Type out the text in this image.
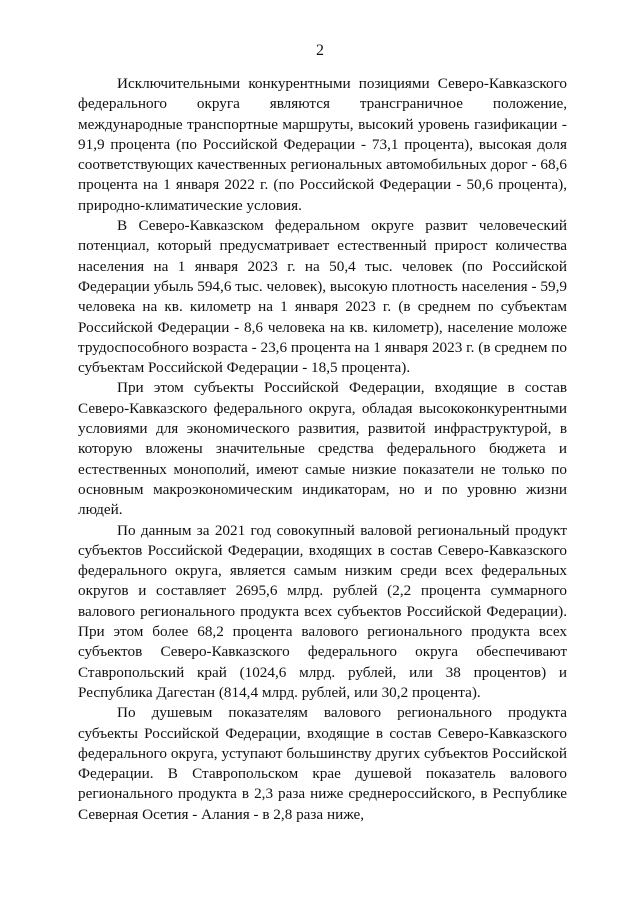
2

Исключительными конкурентными позициями Северо-Кавказского федерального округа являются трансграничное положение, международные транспортные маршруты, высокий уровень газификации - 91,9 процента (по Российской Федерации - 73,1 процента), высокая доля соответствующих качественных региональных автомобильных дорог - 68,6 процента на 1 января 2022 г. (по Российской Федерации - 50,6 процента), природно-климатические условия.

В Северо-Кавказском федеральном округе развит человеческий потенциал, который предусматривает естественный прирост количества населения на 1 января 2023 г. на 50,4 тыс. человек (по Российской Федерации убыль 594,6 тыс. человек), высокую плотность населения - 59,9 человека на кв. километр на 1 января 2023 г. (в среднем по субъектам Российской Федерации - 8,6 человека на кв. километр), население моложе трудоспособного возраста - 23,6 процента на 1 января 2023 г. (в среднем по субъектам Российской Федерации - 18,5 процента).

При этом субъекты Российской Федерации, входящие в состав Северо-Кавказского федерального округа, обладая высококонкурентными условиями для экономического развития, развитой инфраструктурой, в которую вложены значительные средства федерального бюджета и естественных монополий, имеют самые низкие показатели не только по основным макроэкономическим индикаторам, но и по уровню жизни людей.

По данным за 2021 год совокупный валовой региональный продукт субъектов Российской Федерации, входящих в состав Северо-Кавказского федерального округа, является самым низким среди всех федеральных округов и составляет 2695,6 млрд. рублей (2,2 процента суммарного валового регионального продукта всех субъектов Российской Федерации). При этом более 68,2 процента валового регионального продукта всех субъектов Северо-Кавказского федерального округа обеспечивают Ставропольский край (1024,6 млрд. рублей, или 38 процентов) и Республика Дагестан (814,4 млрд. рублей, или 30,2 процента).

По душевым показателям валового регионального продукта субъекты Российской Федерации, входящие в состав Северо-Кавказского федерального округа, уступают большинству других субъектов Российской Федерации. В Ставропольском крае душевой показатель валового регионального продукта в 2,3 раза ниже среднероссийского, в Республике Северная Осетия - Алания - в 2,8 раза ниже,
